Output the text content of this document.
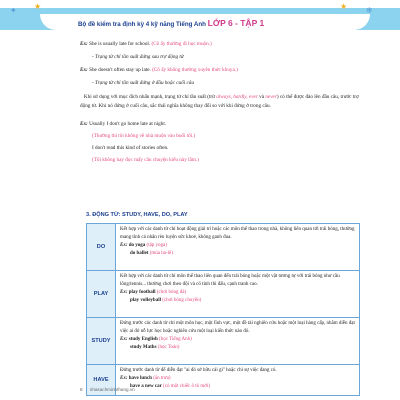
✦ ★	★ ❄
Bộ đề kiểm tra định kỳ 4 kỹ năng Tiếng Anh LỚP 6 - TẬP 1
Ex: She is usually late for school. (Cô ấy thường đi học muộn.)
- Trạng từ chỉ tần suất đứng sau trợ động từ
Ex: She doesn't often stay up late. (Cô ấy không thường xuyên thức khuya.)
- Trạng từ chỉ tần suất đứng ở đầu hoặc cuối câu
Khi sử dụng với mục đích nhấn mạnh, trạng từ chỉ tần suất (trừ always, hardly, ever và never) có thể được đảo lên đầu câu, trước trợ động từ. Khi nó đứng ở cuối câu, sắc thái nghĩa không thay đổi so với khi đứng ở trong câu.
Ex: Usually I don't go home late at night.
(Thường thì tôi không về nhà muộn vào buổi tối.)
I don't read this kind of stories often.
(Tôi không hay đọc mấy câu chuyện kiểu này lắm.)
3. ĐỘNG TỪ: STUDY, HAVE, DO, PLAY
DO
Kết hợp với các danh từ chỉ hoạt động giải trí hoặc các môn thể thao trong nhà, không liên quan tới trái bóng, thường mang tính cá nhân rèn luyện sức khoẻ, không ganh đua.
Ex: do yoga (tập yoga)
do ballet (múa ba-lê)
PLAY
Kết hợp với các danh từ chỉ môn thể thao liên quan đến trái bóng hoặc một vật tương tự với trái bóng như cầu lông/tennis... thường chơi theo đội và có tính thi đấu, cạnh tranh cao.
Ex: play football (chơi bóng đá)
play volleyball (chơi bóng chuyền)
STUDY
Đứng trước các danh từ chỉ một môn học, một lĩnh vực, một đề tài nghiên cứu hoặc một loại hàng cấp, nhằm diễn đạt việc ai đó nỗ lực học hoặc nghiên cứu một loại kiến thức nào đó.
Ex: study English (học Tiếng Anh)
study Maths (học Toán)
HAVE
Đứng trước danh từ để diễn đạt "ai đó sở hữu cái gì" hoặc chỉ sự việc đang có.
Ex: have lunch (ăn trưa)
have a new car (có một chiếc ô tô mới)
8 | nhasachminhthang.vn
